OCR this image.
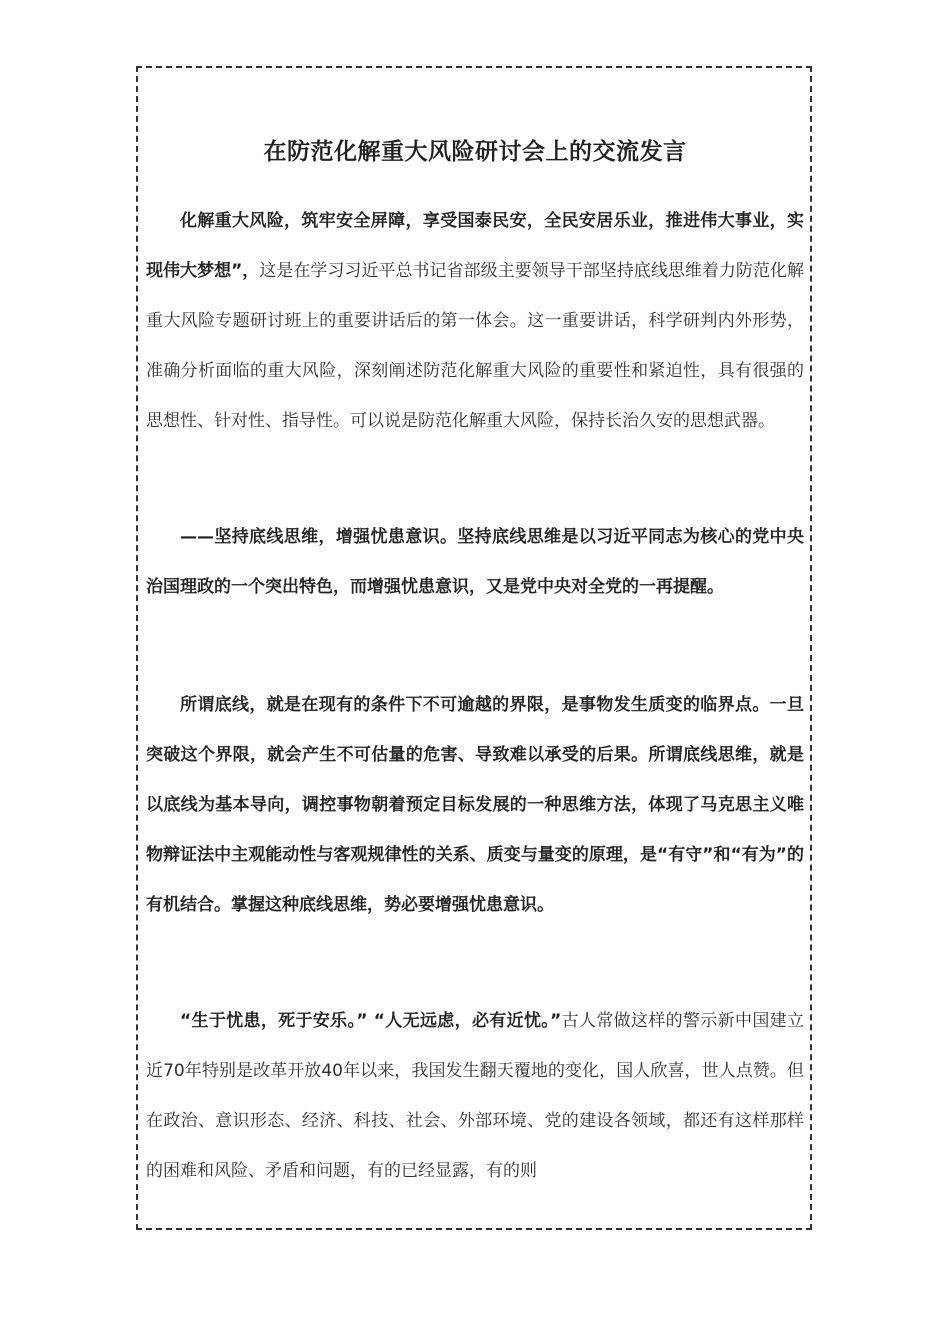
在防范化解重大风险研讨会上的交流发言

化解重大风险，筑牢安全屏障，享受国泰民安，全民安居乐业，推进伟大事业，实现伟大梦想”，这是在学习习近平总书记省部级主要领导干部坚持底线思维着力防范化解重大风险专题研讨班上的重要讲话后的第一体会。这一重要讲话，科学研判内外形势，准确分析面临的重大风险，深刻阐述防范化解重大风险的重要性和紧迫性，具有很强的思想性、针对性、指导性。可以说是防范化解重大风险，保持长治久安的思想武器。

——坚持底线思维，增强忧患意识。坚持底线思维是以习近平同志为核心的党中央治国理政的一个突出特色，而增强忧患意识，又是党中央对全党的一再提醒。

所谓底线，就是在现有的条件下不可逾越的界限，是事物发生质变的临界点。一旦突破这个界限，就会产生不可估量的危害、导致难以承受的后果。所谓底线思维，就是以底线为基本导向，调控事物朝着预定目标发展的一种思维方法，体现了马克思主义唯物辩证法中主观能动性与客观规律性的关系、质变与量变的原理，是“有守”和“有为”的有机结合。掌握这种底线思维，势必要增强忧患意识。

“生于忧患，死于安乐。” “人无远虑，必有近忧。”古人常做这样的警示新中国建立近70年特别是改革开放40年以来，我国发生翻天覆地的变化，国人欣喜，世人点赞。但在政治、意识形态、经济、科技、社会、外部环境、党的建设各领域，都还有这样那样的困难和风险、矛盾和问题，有的已经显露，有的则
